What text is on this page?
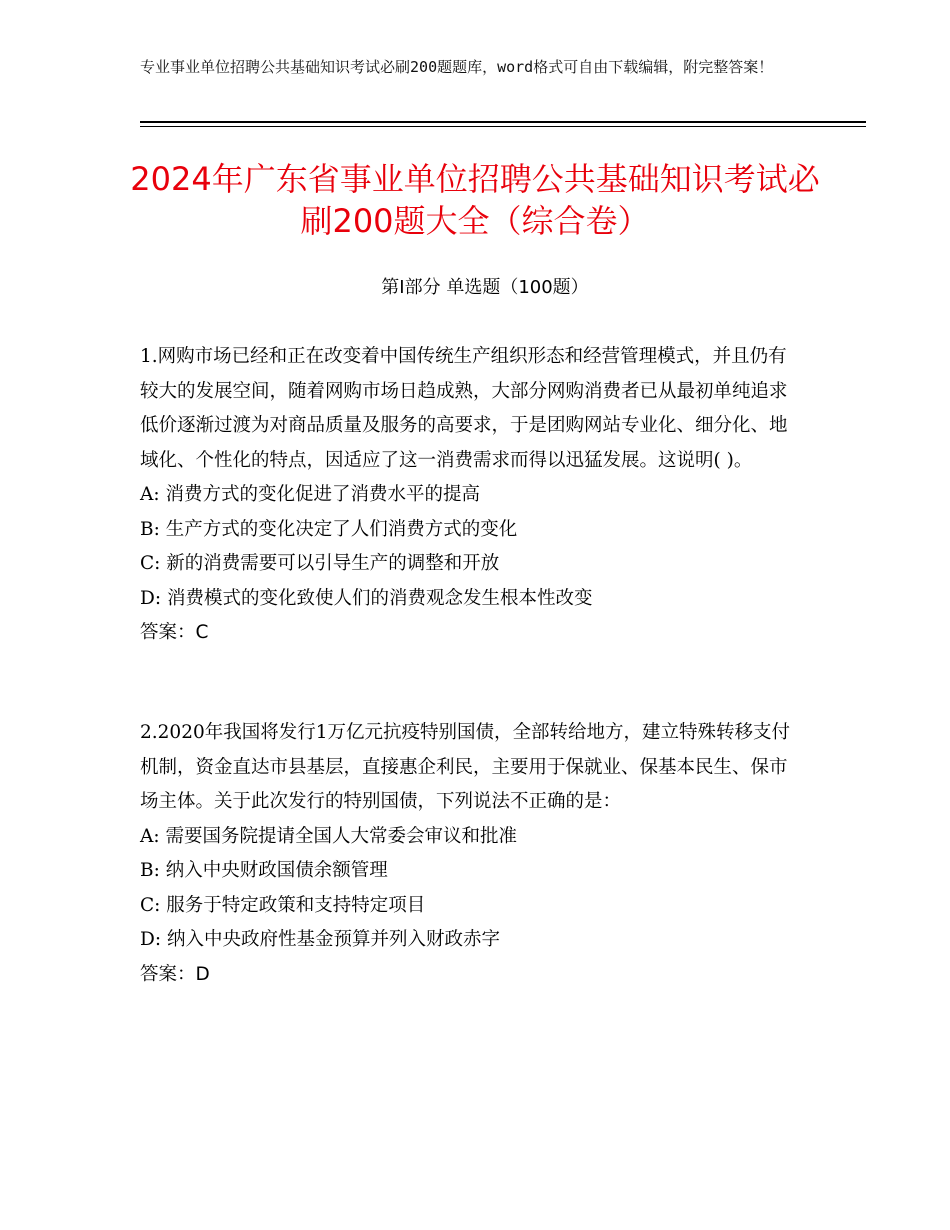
专业事业单位招聘公共基础知识考试必刷200题题库，word格式可自由下载编辑，附完整答案！
2024年广东省事业单位招聘公共基础知识考试必刷200题大全（综合卷）
第Ⅰ部分 单选题（100题）
1.网购市场已经和正在改变着中国传统生产组织形态和经营管理模式，并且仍有较大的发展空间，随着网购市场日趋成熟，大部分网购消费者已从最初单纯追求低价逐渐过渡为对商品质量及服务的高要求，于是团购网站专业化、细分化、地域化、个性化的特点，因适应了这一消费需求而得以迅猛发展。这说明( )。
A: 消费方式的变化促进了消费水平的提高
B: 生产方式的变化决定了人们消费方式的变化
C: 新的消费需要可以引导生产的调整和开放
D: 消费模式的变化致使人们的消费观念发生根本性改变
答案：C
2.2020年我国将发行1万亿元抗疫特别国债，全部转给地方，建立特殊转移支付机制，资金直达市县基层，直接惠企利民，主要用于保就业、保基本民生、保市场主体。关于此次发行的特别国债，下列说法不正确的是：
A: 需要国务院提请全国人大常委会审议和批准
B: 纳入中央财政国债余额管理
C: 服务于特定政策和支持特定项目
D: 纳入中央政府性基金预算并列入财政赤字
答案：D
